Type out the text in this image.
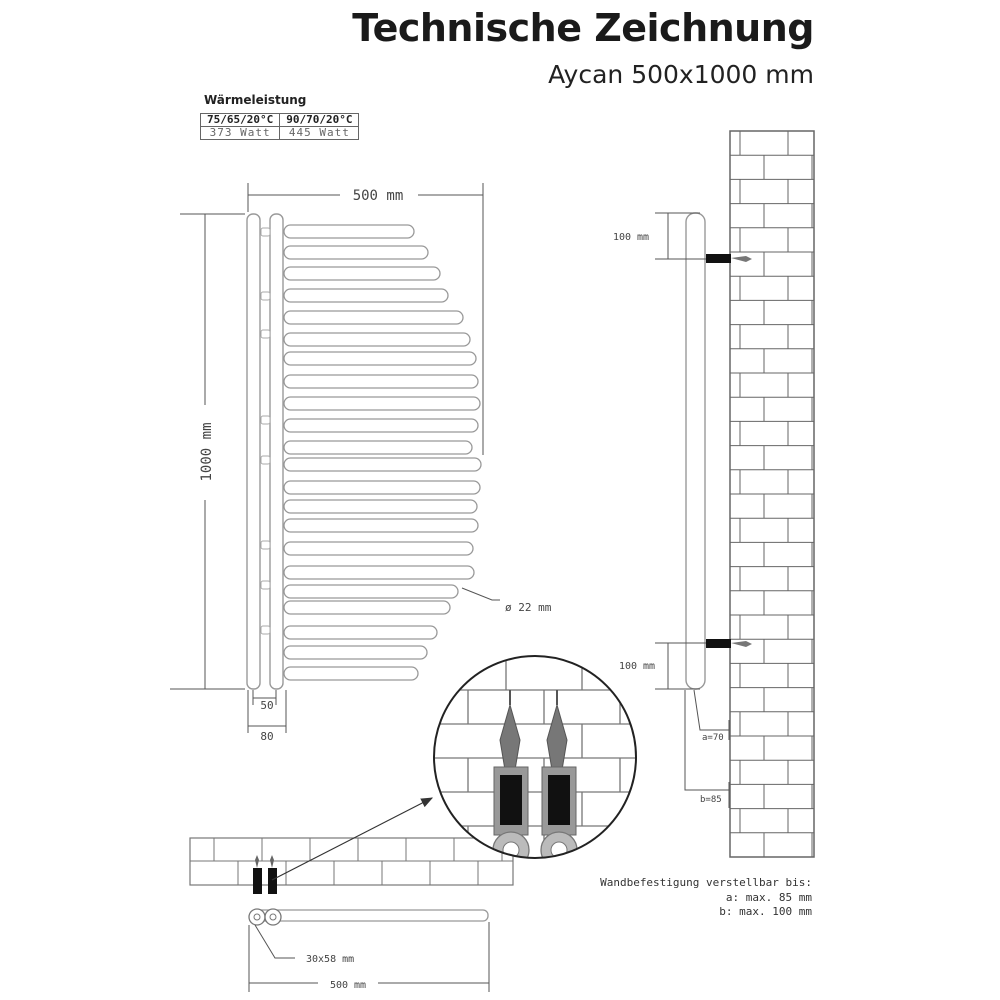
Technische Zeichnung
Aycan 500x1000 mm
Wärmeleistung
75/65/20°C	90/70/20°C
373 Watt	445 Watt
500 mm
1000 mm
50
80
ø 22 mm
100 mm
100 mm
a=70
b=85
Wandbefestigung verstellbar bis:
a: max. 85 mm
b: max. 100 mm
30x58 mm
500 mm
